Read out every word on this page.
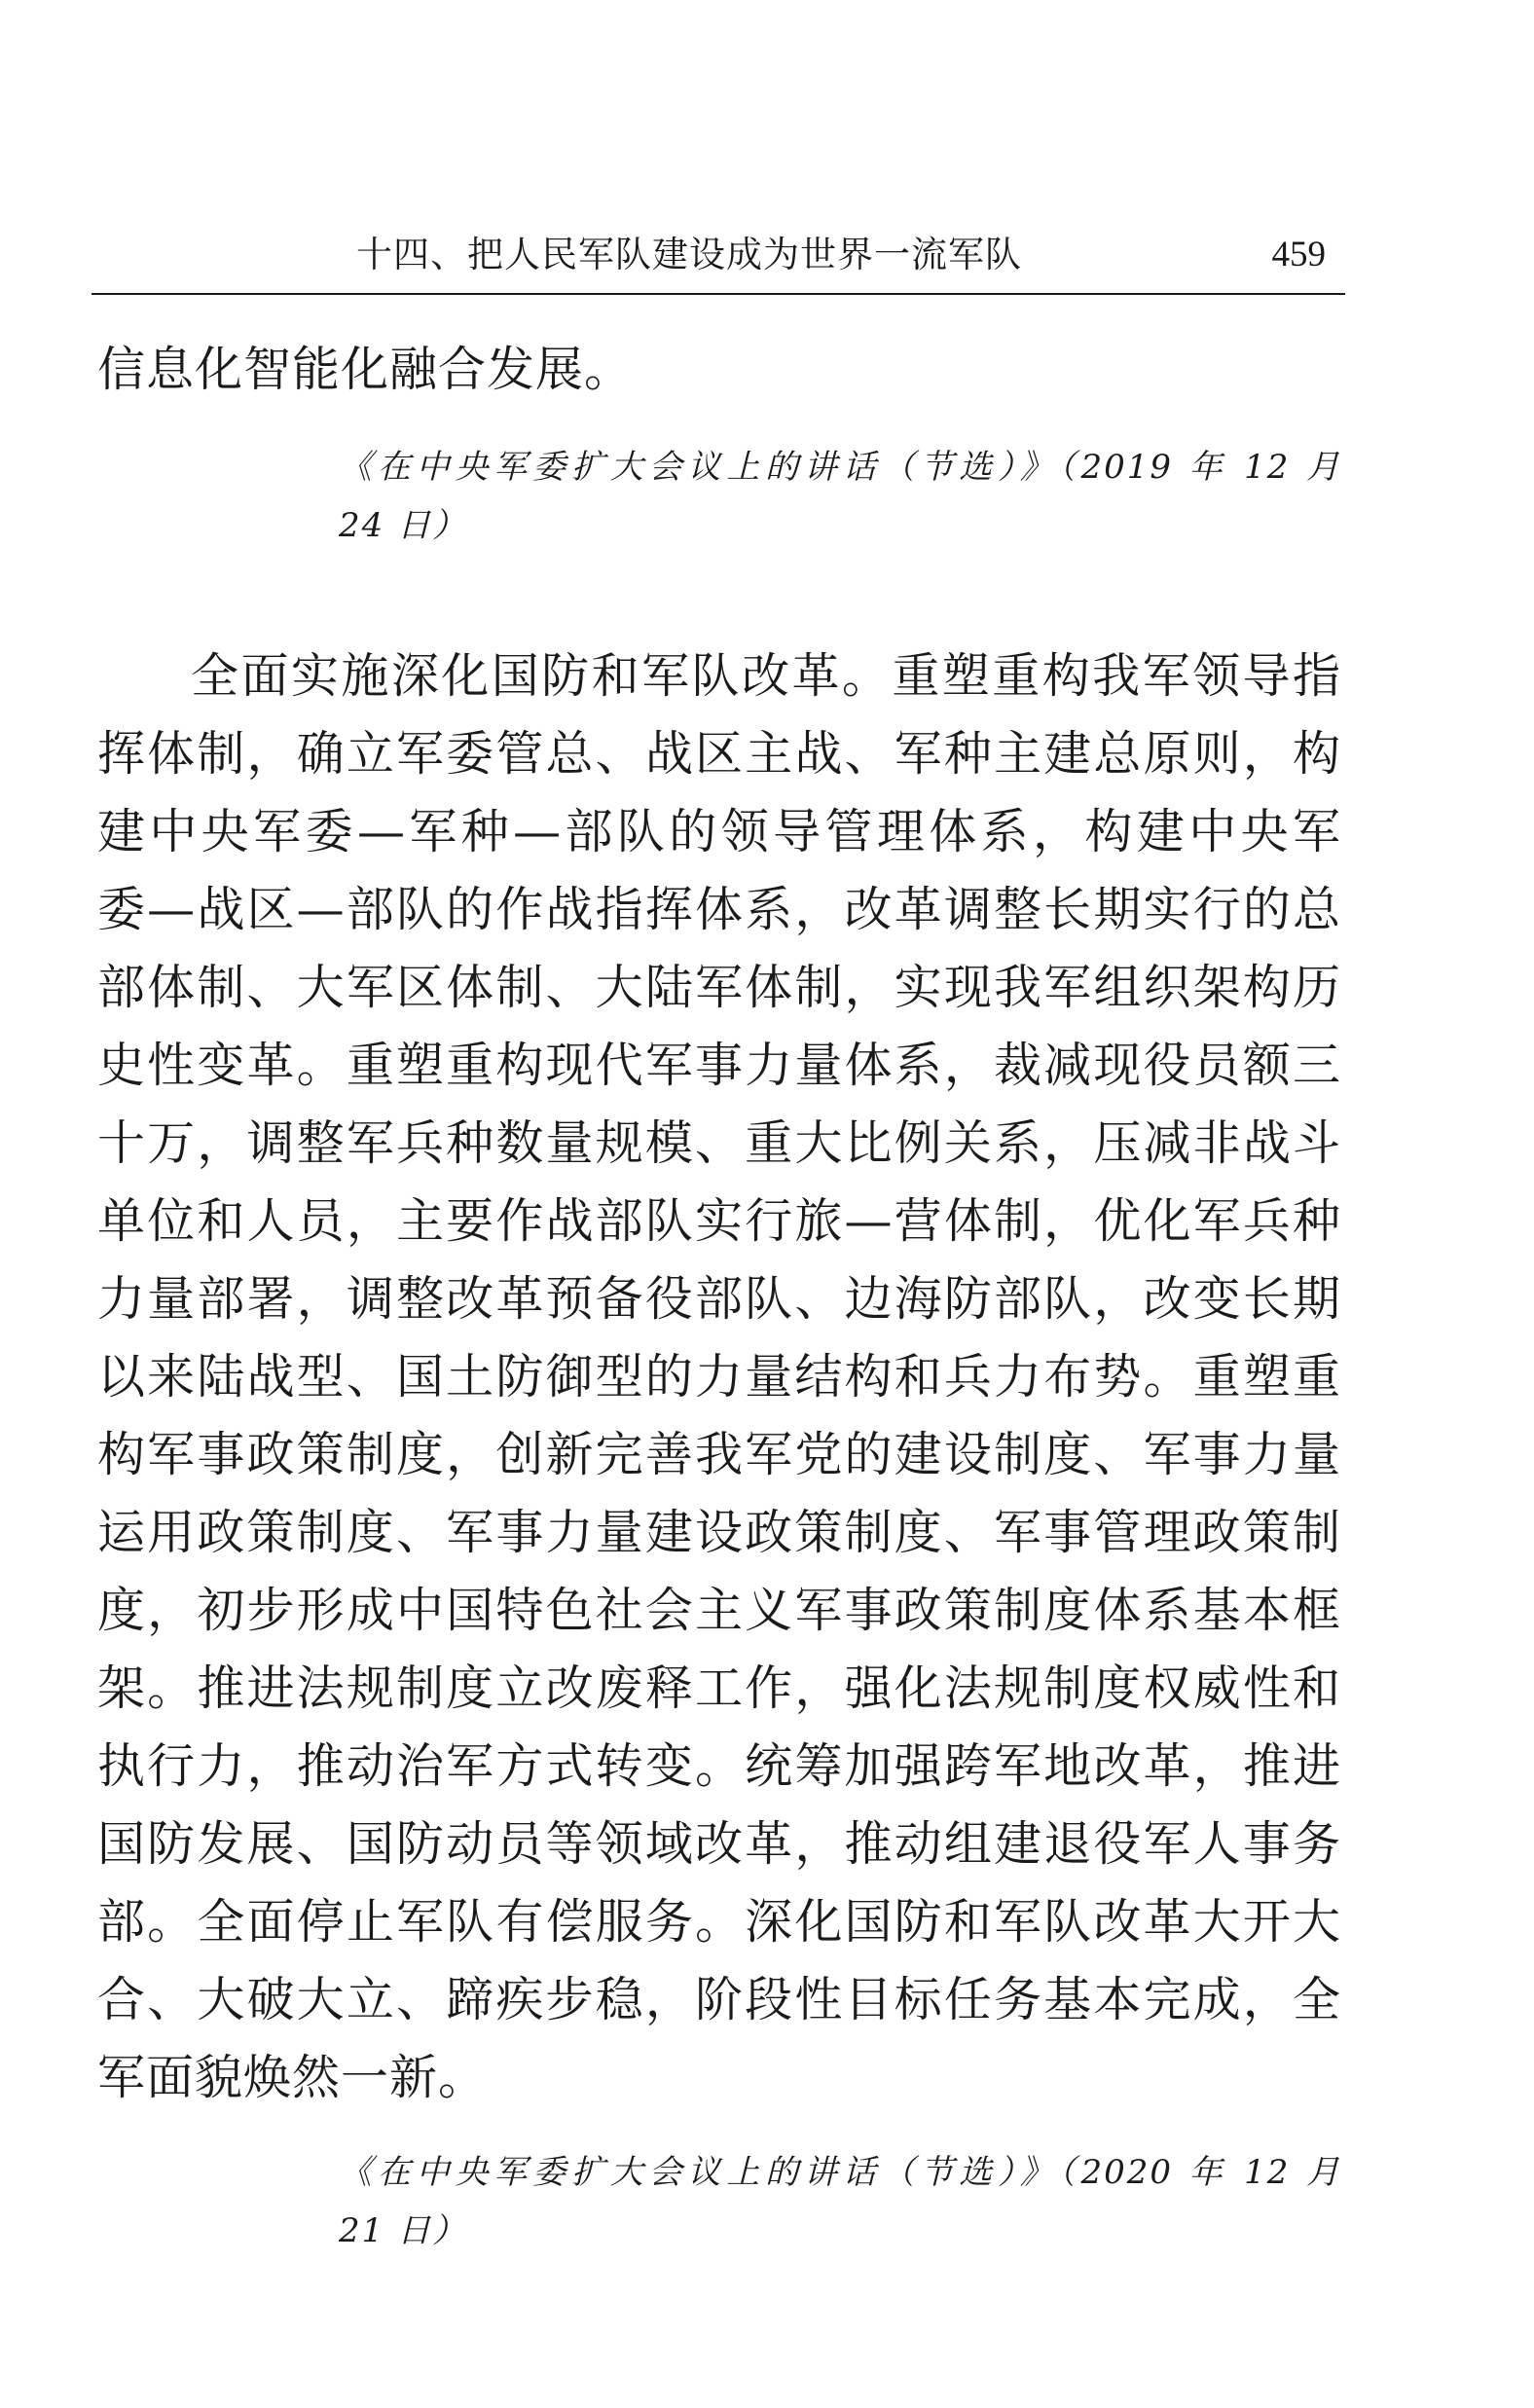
十四、把人民军队建设成为世界一流军队	459

信息化智能化融合发展。

《在中央军委扩大会议上的讲话（节选）》（2019 年 12 月

24 日）

全面实施深化国防和军队改革。重塑重构我军领导指

挥体制，确立军委管总、战区主战、军种主建总原则，构

建中央军委—军种—部队的领导管理体系，构建中央军

委—战区—部队的作战指挥体系，改革调整长期实行的总

部体制、大军区体制、大陆军体制，实现我军组织架构历

史性变革。重塑重构现代军事力量体系，裁减现役员额三

十万，调整军兵种数量规模、重大比例关系，压减非战斗

单位和人员，主要作战部队实行旅—营体制，优化军兵种

力量部署，调整改革预备役部队、边海防部队，改变长期

以来陆战型、国土防御型的力量结构和兵力布势。重塑重

构军事政策制度，创新完善我军党的建设制度、军事力量

运用政策制度、军事力量建设政策制度、军事管理政策制

度，初步形成中国特色社会主义军事政策制度体系基本框

架。推进法规制度立改废释工作，强化法规制度权威性和

执行力，推动治军方式转变。统筹加强跨军地改革，推进

国防发展、国防动员等领域改革，推动组建退役军人事务

部。全面停止军队有偿服务。深化国防和军队改革大开大

合、大破大立、蹄疾步稳，阶段性目标任务基本完成，全

军面貌焕然一新。

《在中央军委扩大会议上的讲话（节选）》（2020 年 12 月

21 日）
